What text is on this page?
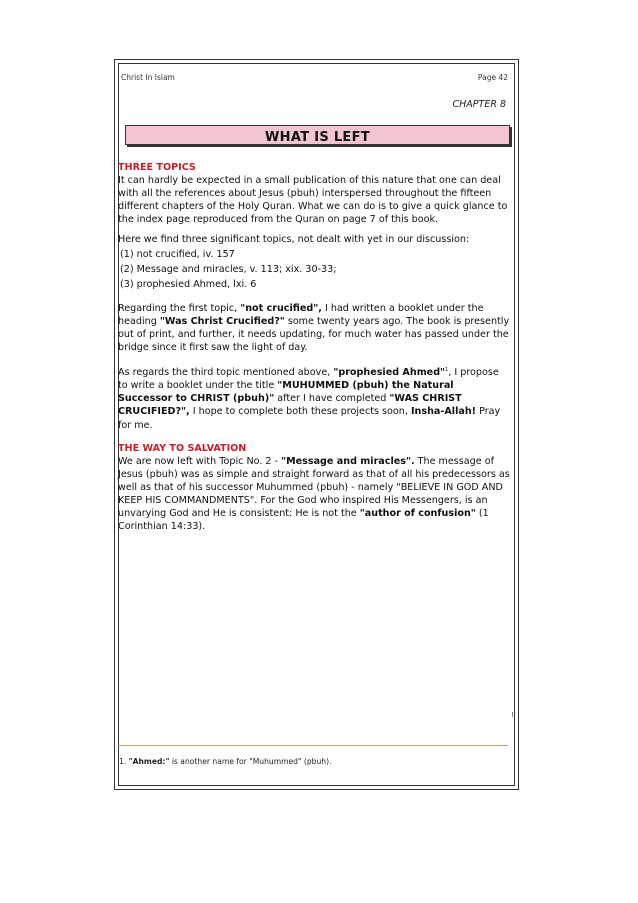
Christ In Islam	Page 42
CHAPTER 8
WHAT IS LEFT
THREE TOPICS

It can hardly be expected in a small publication of this nature that one can deal with all the references about Jesus (pbuh) interspersed throughout the fifteen different chapters of the Holy Quran. What we can do is to give a quick glance to the index page reproduced from the Quran on page 7 of this book.

Here we find three significant topics, not dealt with yet in our discussion:

(1) not crucified, iv. 157
(2) Message and miracles, v. 113; xix. 30-33;
(3) prophesied Ahmed, lxi. 6

Regarding the first topic, "not crucified", I had written a booklet under the heading "Was Christ Crucified?" some twenty years ago. The book is presently out of print, and further, it needs updating, for much water has passed under the bridge since it first saw the light of day.

As regards the third topic mentioned above, "prophesied Ahmed"$^1$, I propose to write a booklet under the title "MUHUMMED (pbuh) the Natural Successor to CHRIST (pbuh)" after I have completed "WAS CHRIST CRUCIFIED?", I hope to complete both these projects soon, Insha-Allah! Pray for me.

THE WAY TO SALVATION

We are now left with Topic No. 2 - "Message and miracles". The message of Jesus (pbuh) was as simple and straight forward as that of all his predecessors as well as that of his successor Muhummed (pbuh) - namely "BELIEVE IN GOD AND KEEP HIS COMMANDMENTS". For the God who inspired His Messengers, is an unvarying God and He is consistent: He is not the "author of confusion" (1 Corinthian 14:33).

1. "Ahmed:" is another name for "Muhummed" (pbuh).
